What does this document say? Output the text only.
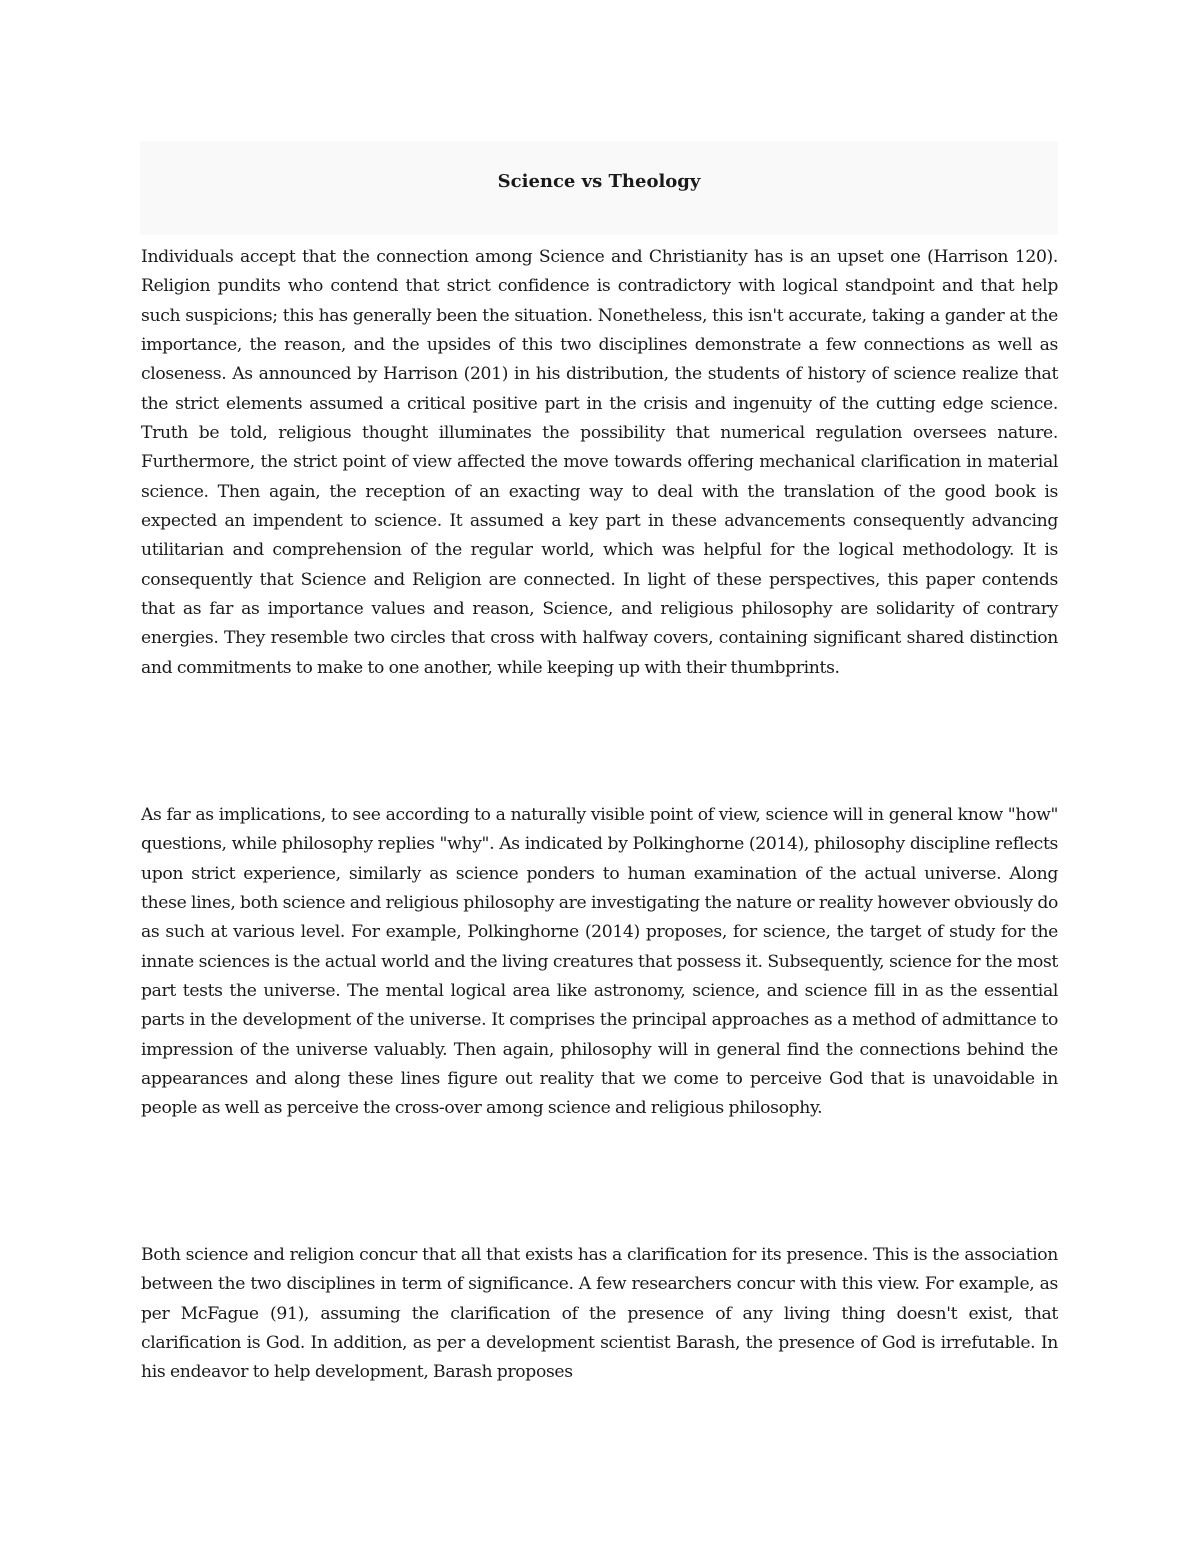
Science vs Theology

Individuals accept that the connection among Science and Christianity has is an upset one (Harrison 120). Religion pundits who contend that strict confidence is contradictory with logical standpoint and that help such suspicions; this has generally been the situation. Nonetheless, this isn't accurate, taking a gander at the importance, the reason, and the upsides of this two disciplines demonstrate a few connections as well as closeness. As announced by Harrison (201) in his distribution, the students of history of science realize that the strict elements assumed a critical positive part in the crisis and ingenuity of the cutting edge science. Truth be told, religious thought illuminates the possibility that numerical regulation oversees nature. Furthermore, the strict point of view affected the move towards offering mechanical clarification in material science. Then again, the reception of an exacting way to deal with the translation of the good book is expected an impendent to science. It assumed a key part in these advancements consequently advancing utilitarian and comprehension of the regular world, which was helpful for the logical methodology. It is consequently that Science and Religion are connected. In light of these perspectives, this paper contends that as far as importance values and reason, Science, and religious philosophy are solidarity of contrary energies. They resemble two circles that cross with halfway covers, containing significant shared distinction and commitments to make to one another, while keeping up with their thumbprints.

As far as implications, to see according to a naturally visible point of view, science will in general know "how" questions, while philosophy replies "why". As indicated by Polkinghorne (2014), philosophy discipline reflects upon strict experience, similarly as science ponders to human examination of the actual universe. Along these lines, both science and religious philosophy are investigating the nature or reality however obviously do as such at various level. For example, Polkinghorne (2014) proposes, for science, the target of study for the innate sciences is the actual world and the living creatures that possess it. Subsequently, science for the most part tests the universe. The mental logical area like astronomy, science, and science fill in as the essential parts in the development of the universe. It comprises the principal approaches as a method of admittance to impression of the universe valuably. Then again, philosophy will in general find the connections behind the appearances and along these lines figure out reality that we come to perceive God that is unavoidable in people as well as perceive the cross-over among science and religious philosophy.

Both science and religion concur that all that exists has a clarification for its presence. This is the association between the two disciplines in term of significance. A few researchers concur with this view. For example, as per McFague (91), assuming the clarification of the presence of any living thing doesn't exist, that clarification is God. In addition, as per a development scientist Barash, the presence of God is irrefutable. In his endeavor to help development, Barash proposes
